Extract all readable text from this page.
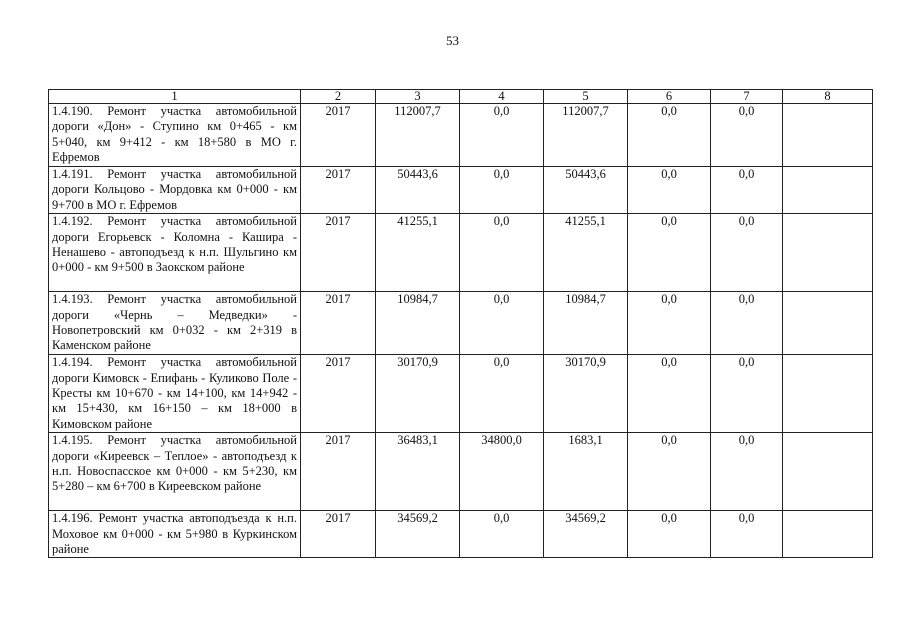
53
1	2	3	4	5	6	7	8
1.4.190. Ремонт участка автомобильной дороги «Дон» - Ступино км 0+465 - км 5+040, км 9+412 - км 18+580 в МО г. Ефремов	2017	112007,7	0,0	112007,7	0,0	0,0	
1.4.191. Ремонт участка автомобильной дороги Кольцово - Мордовка км 0+000 - км 9+700 в МО г. Ефремов	2017	50443,6	0,0	50443,6	0,0	0,0	
1.4.192. Ремонт участка автомобильной дороги Егорьевск - Коломна - Кашира - Ненашево - автоподъезд к н.п. Шульгино км 0+000 - км 9+500 в Заокском районе	2017	41255,1	0,0	41255,1	0,0	0,0	
1.4.193. Ремонт участка автомобильной дороги «Чернь – Медведки» - Новопетровский км 0+032 - км 2+319 в Каменском районе	2017	10984,7	0,0	10984,7	0,0	0,0	
1.4.194. Ремонт участка автомобильной дороги Кимовск - Епифань - Куликово Поле - Кресты км 10+670 - км 14+100, км 14+942 - км 15+430, км 16+150 – км 18+000 в Кимовском районе	2017	30170,9	0,0	30170,9	0,0	0,0	
1.4.195. Ремонт участка автомобильной дороги «Киреевск – Теплое» - автоподъезд к н.п. Новоспасское км 0+000 - км 5+230, км 5+280 – км 6+700 в Киреевском районе	2017	36483,1	34800,0	1683,1	0,0	0,0	
1.4.196. Ремонт участка автоподъезда к н.п. Моховое км 0+000 - км 5+980 в Куркинском районе	2017	34569,2	0,0	34569,2	0,0	0,0	
